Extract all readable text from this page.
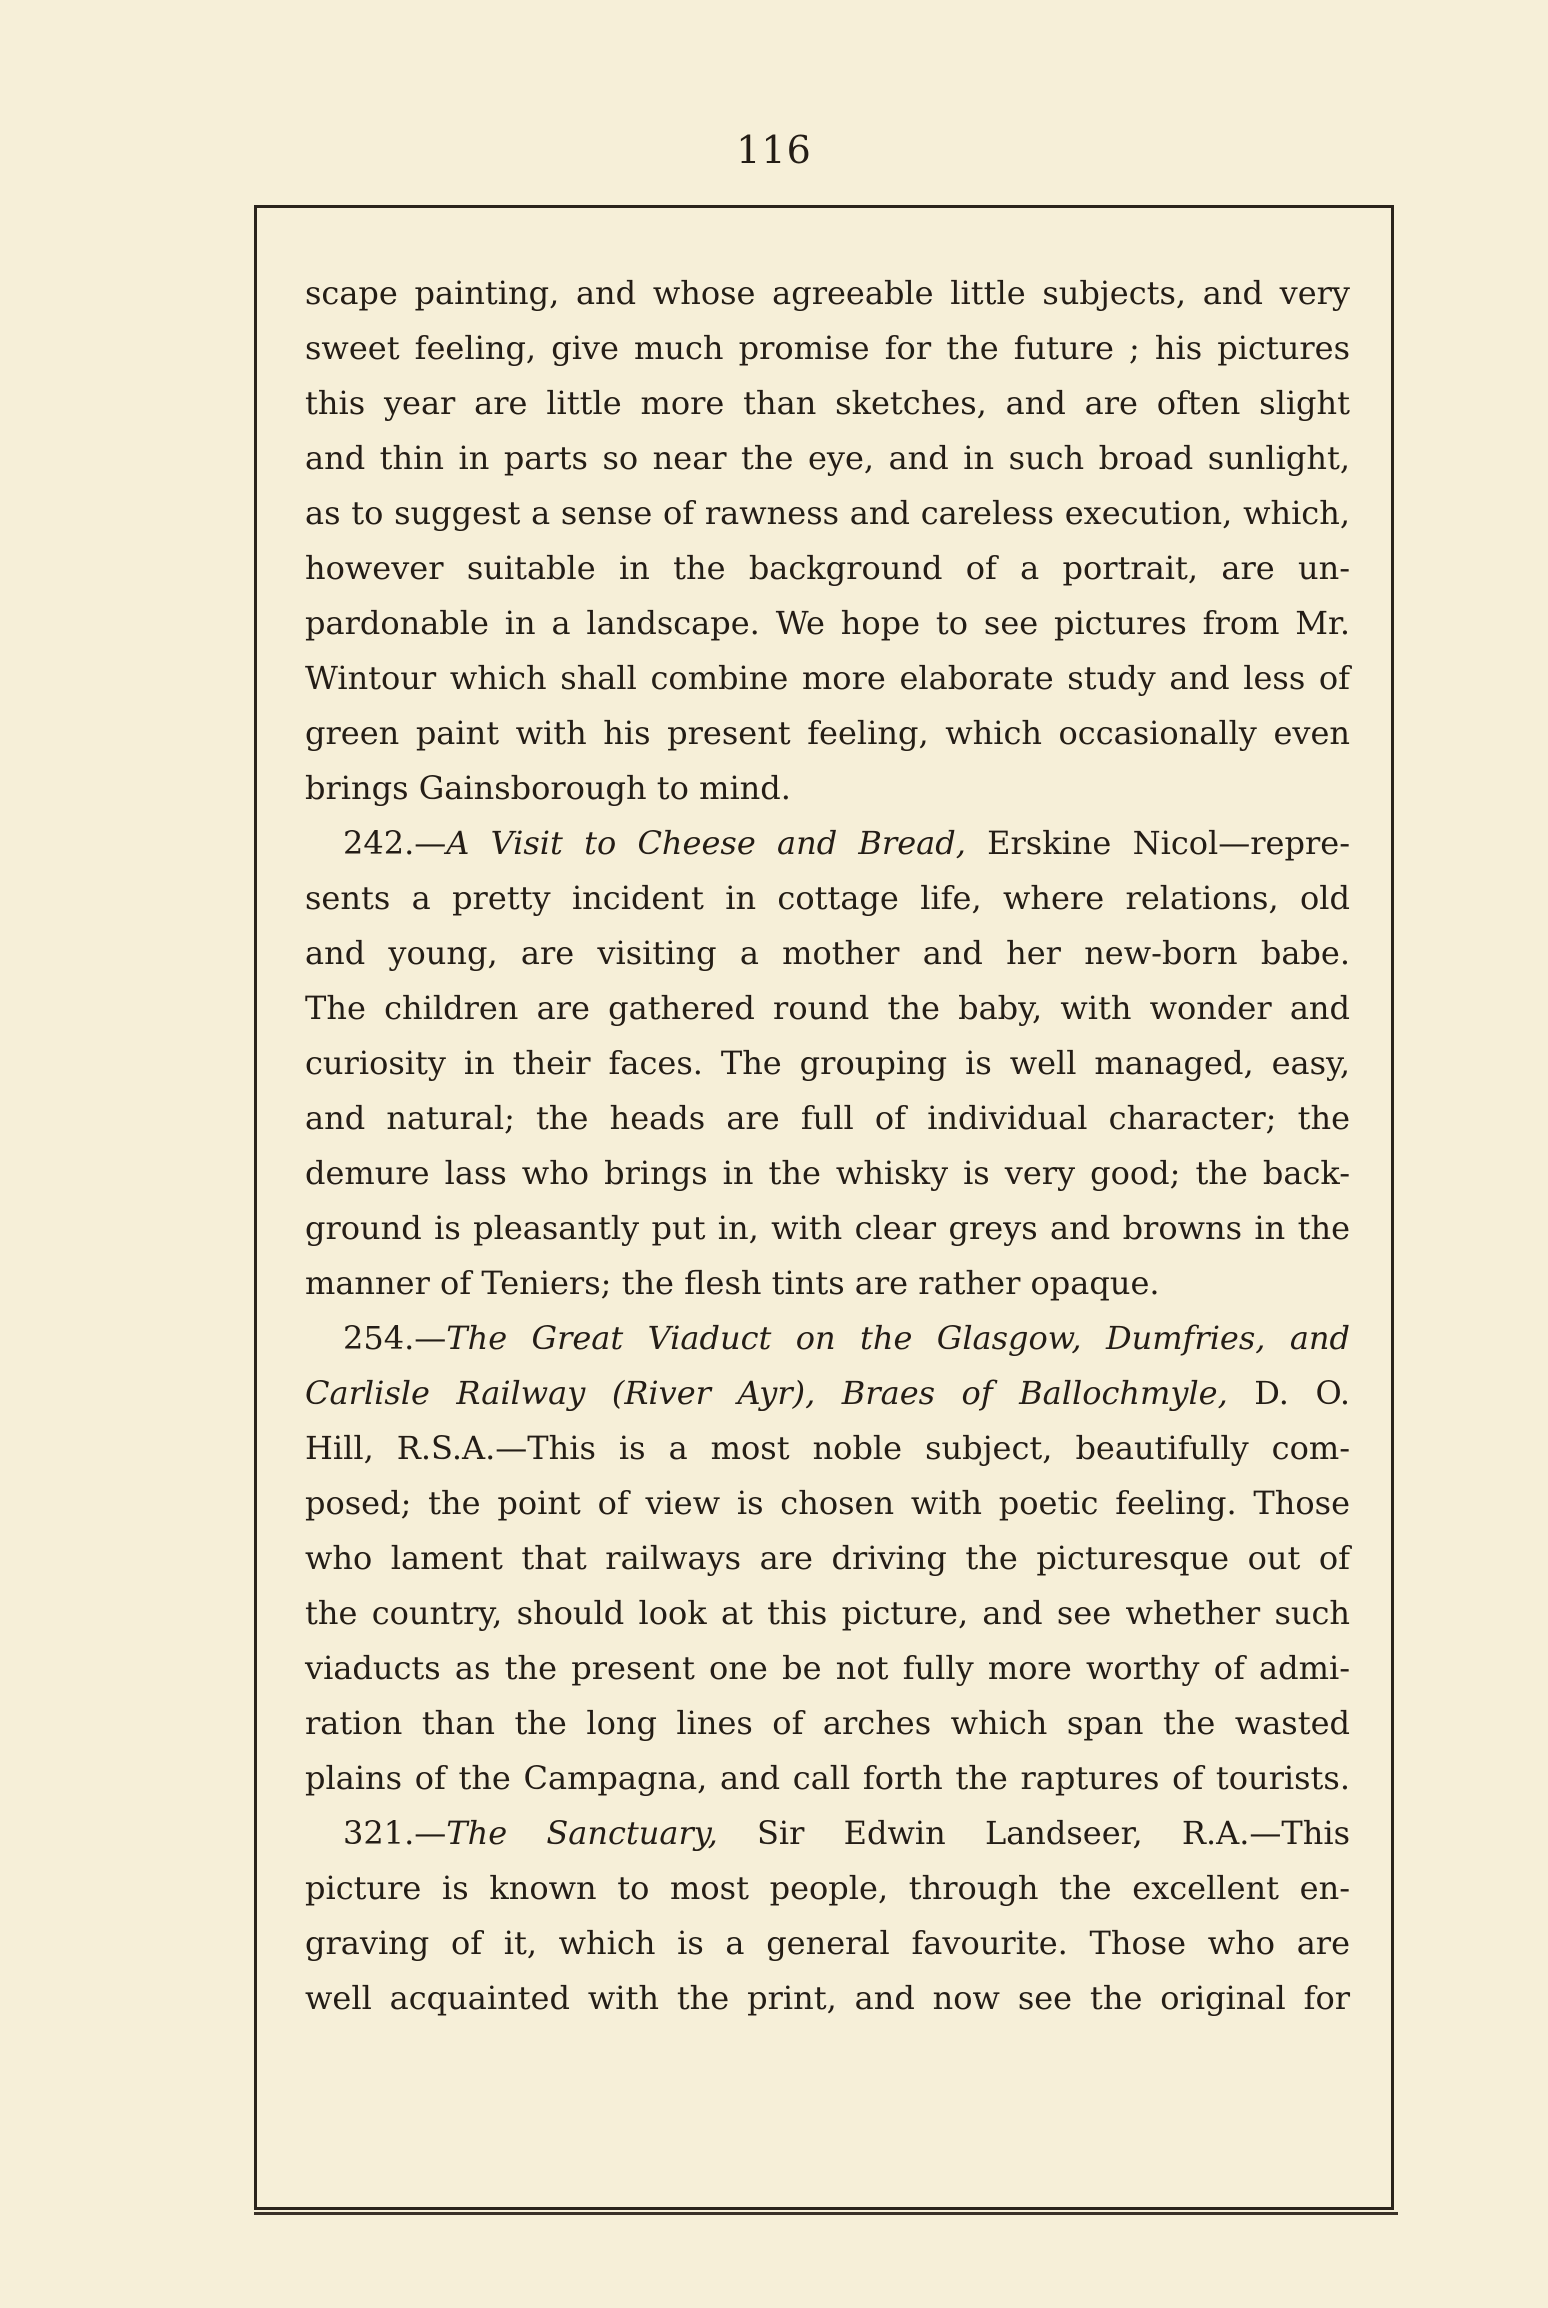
116
scape painting, and whose agreeable little subjects, and very
sweet feeling, give much promise for the future ; his pictures
this year are little more than sketches, and are often slight
and thin in parts so near the eye, and in such broad sunlight,
as to suggest a sense of rawness and careless execution, which,
however suitable in the background of a portrait, are un-
pardonable in a landscape. We hope to see pictures from Mr.
Wintour which shall combine more elaborate study and less of
green paint with his present feeling, which occasionally even
brings Gainsborough to mind.
242.—A Visit to Cheese and Bread, Erskine Nicol—repre-
sents a pretty incident in cottage life, where relations, old
and young, are visiting a mother and her new-born babe.
The children are gathered round the baby, with wonder and
curiosity in their faces. The grouping is well managed, easy,
and natural; the heads are full of individual character; the
demure lass who brings in the whisky is very good; the back-
ground is pleasantly put in, with clear greys and browns in the
manner of Teniers; the flesh tints are rather opaque.
254.—The Great Viaduct on the Glasgow, Dumfries, and
Carlisle Railway (River Ayr), Braes of Ballochmyle, D. O.
Hill, R.S.A.—This is a most noble subject, beautifully com-
posed; the point of view is chosen with poetic feeling. Those
who lament that railways are driving the picturesque out of
the country, should look at this picture, and see whether such
viaducts as the present one be not fully more worthy of admi-
ration than the long lines of arches which span the wasted
plains of the Campagna, and call forth the raptures of tourists.
321.—The Sanctuary, Sir Edwin Landseer, R.A.—This
picture is known to most people, through the excellent en-
graving of it, which is a general favourite. Those who are
well acquainted with the print, and now see the original for
